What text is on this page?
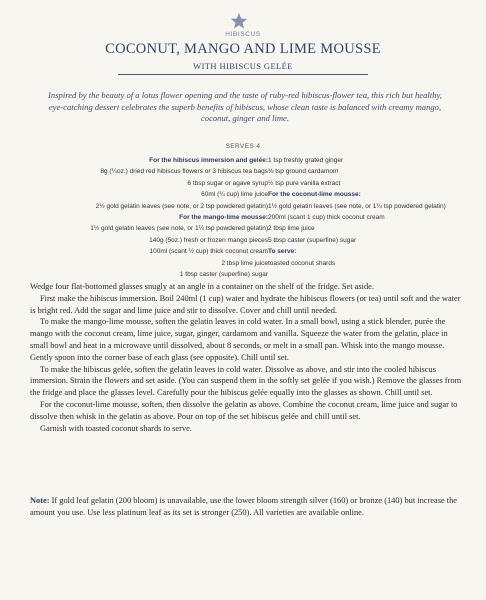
HIBISCUS
COCONUT, MANGO AND LIME MOUSSE
WITH HIBISCUS GELÉE
Inspired by the beauty of a lotus flower opening and the taste of ruby-red hibiscus-flower tea, this rich but healthy, eye-catching dessert celebrates the superb benefits of hibiscus, whose clean taste is balanced with creamy mango, coconut, ginger and lime.
SERVES 4
For the hibiscus immersion and gelée:
8g (¼oz.) dried red hibiscus flowers or 3 hibiscus tea bags
6 tbsp sugar or agave syrup
60ml (¼ cup) lime juice
2½ gold gelatin leaves (see note, or 2 tsp powdered gelatin)
For the mango-lime mousse:
1½ gold gelatin leaves (see note, or 1¼ tsp powdered gelatin)
140g (5oz.) fresh or frozen mango pieces
100ml (scant ½ cup) thick coconut cream
2 tbsp lime juice
1 tbsp caster (superfine) sugar
1 tsp freshly grated ginger
⅛ tsp ground cardamom
½ tsp pure vanilla extract
For the coconut-lime mousse:
1½ gold gelatin leaves (see note, or 1¼ tsp powdered gelatin)
200ml (scant 1 cup) thick coconut cream
2 tbsp lime juice
5 tbsp caster (superfine) sugar
To serve:
toasted coconut shards

Wedge four flat-bottomed glasses snugly at an angle in a container on the shelf of the fridge. Set aside.

First make the hibiscus immersion. Boil 240ml (1 cup) water and hydrate the hibiscus flowers (or tea) until soft and the water is bright red. Add the sugar and lime juice and stir to dissolve. Cover and chill until needed.

To make the mango-lime mousse, soften the gelatin leaves in cold water. In a small bowl, using a stick blender, purée the mango with the coconut cream, lime juice, sugar, ginger, cardamom and vanilla. Squeeze the water from the gelatin, place in small bowl and heat in a microwave until dissolved, about 8 seconds, or melt in a small pan. Whisk into the mango mousse. Gently spoon into the corner base of each glass (see opposite). Chill until set.

To make the hibiscus gelée, soften the gelatin leaves in cold water. Dissolve as above, and stir into the cooled hibiscus immersion. Strain the flowers and set aside. (You can suspend them in the softly set gelée if you wish.) Remove the glasses from the fridge and place the glasses level. Carefully pour the hibiscus gelée equally into the glasses as shown. Chill until set.

For the coconut-lime mousse, soften, then dissolve the gelatin as above. Combine the coconut cream, lime juice and sugar to dissolve then whisk in the gelatin as above. Pour on top of the set hibiscus gelée and chill until set.

Garnish with toasted coconut shards to serve.

Note: If gold leaf gelatin (200 bloom) is unavailable, use the lower bloom strength silver (160) or bronze (140) but increase the amount you use. Use less platinum leaf as its set is stronger (250). All varieties are available online.
